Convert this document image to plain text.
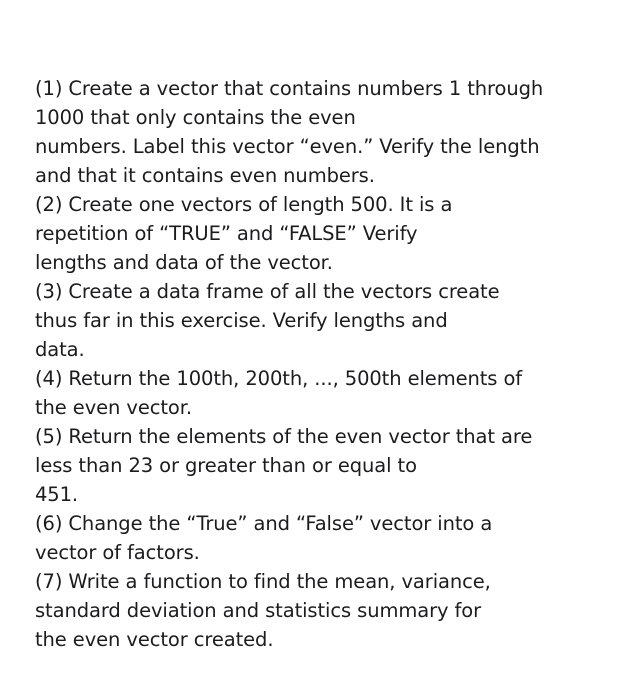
(1) Create a vector that contains numbers 1 through
1000 that only contains the even
numbers. Label this vector “even.” Verify the length
and that it contains even numbers.
(2) Create one vectors of length 500. It is a
repetition of “TRUE” and “FALSE” Verify
lengths and data of the vector.
(3) Create a data frame of all the vectors create
thus far in this exercise. Verify lengths and
data.
(4) Return the 100th, 200th, ..., 500th elements of
the even vector.
(5) Return the elements of the even vector that are
less than 23 or greater than or equal to
451.
(6) Change the “True” and “False” vector into a
vector of factors.
(7) Write a function to find the mean, variance,
standard deviation and statistics summary for
the even vector created.
